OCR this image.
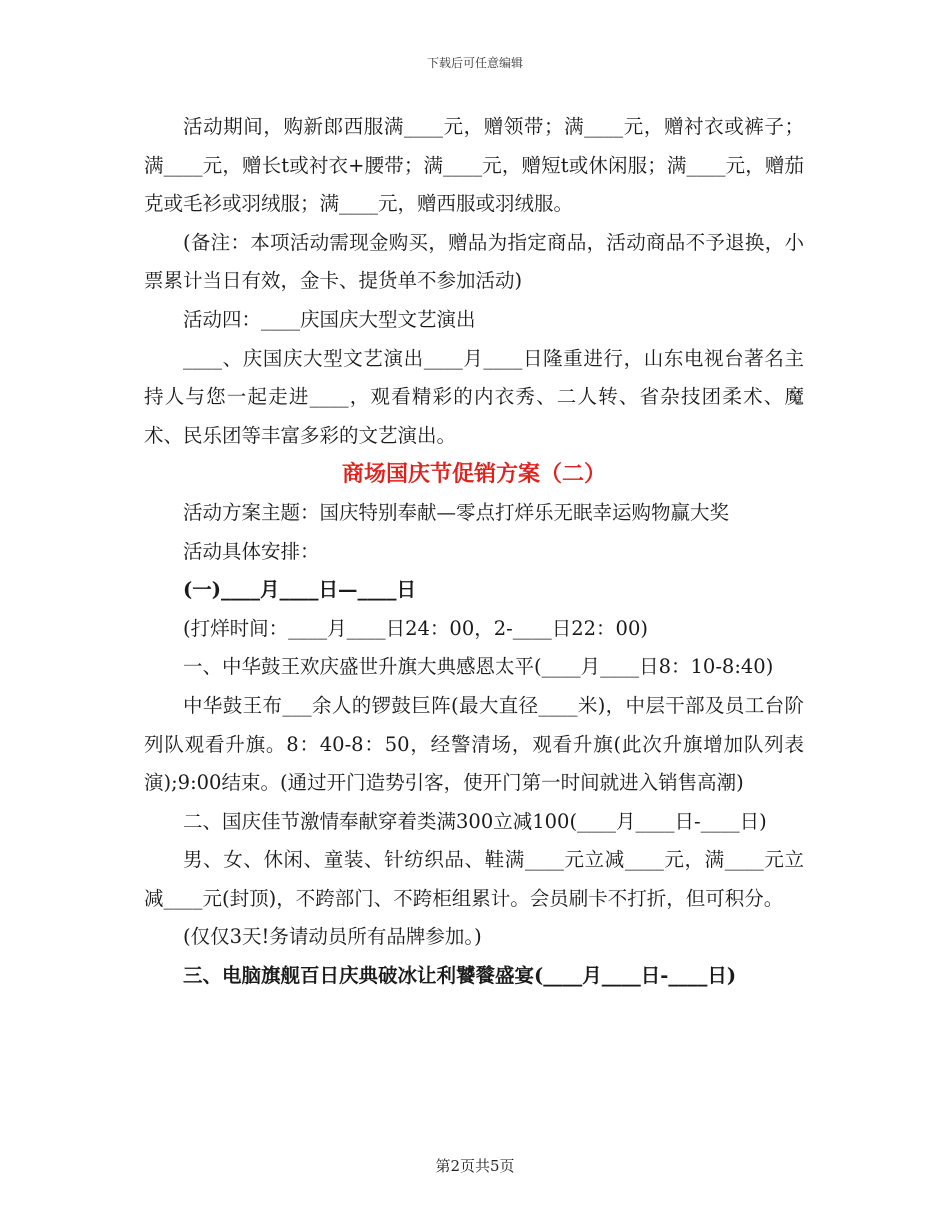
下载后可任意编辑

活动期间，购新郎西服满____元，赠领带；满____元，赠衬衣或裤子；满____元，赠长t或衬衣+腰带；满____元，赠短t或休闲服；满____元，赠茄克或毛衫或羽绒服；满____元，赠西服或羽绒服。

(备注：本项活动需现金购买，赠品为指定商品，活动商品不予退换，小票累计当日有效，金卡、提货单不参加活动)

活动四：____庆国庆大型文艺演出

____、庆国庆大型文艺演出____月____日隆重进行，山东电视台著名主持人与您一起走进____，观看精彩的内衣秀、二人转、省杂技团柔术、魔术、民乐团等丰富多彩的文艺演出。

商场国庆节促销方案（二）

活动方案主题：国庆特别奉献—零点打烊乐无眠幸运购物赢大奖

活动具体安排：

(一)____月____日—____日

(打烊时间：____月____日24：00，2-____日22：00)

一、中华鼓王欢庆盛世升旗大典感恩太平(____月____日8：10-8:40)

中华鼓王布___余人的锣鼓巨阵(最大直径____米)，中层干部及员工台阶列队观看升旗。8：40-8：50，经警清场，观看升旗(此次升旗增加队列表演);9:00结束。(通过开门造势引客，使开门第一时间就进入销售高潮)

二、国庆佳节激情奉献穿着类满300立减100(____月____日-____日)

男、女、休闲、童装、针纺织品、鞋满____元立减____元，满____元立减____元(封顶)，不跨部门、不跨柜组累计。会员刷卡不打折，但可积分。

(仅仅3天!务请动员所有品牌参加。)

三、电脑旗舰百日庆典破冰让利饕餮盛宴(____月____日-____日)

第2页共5页
